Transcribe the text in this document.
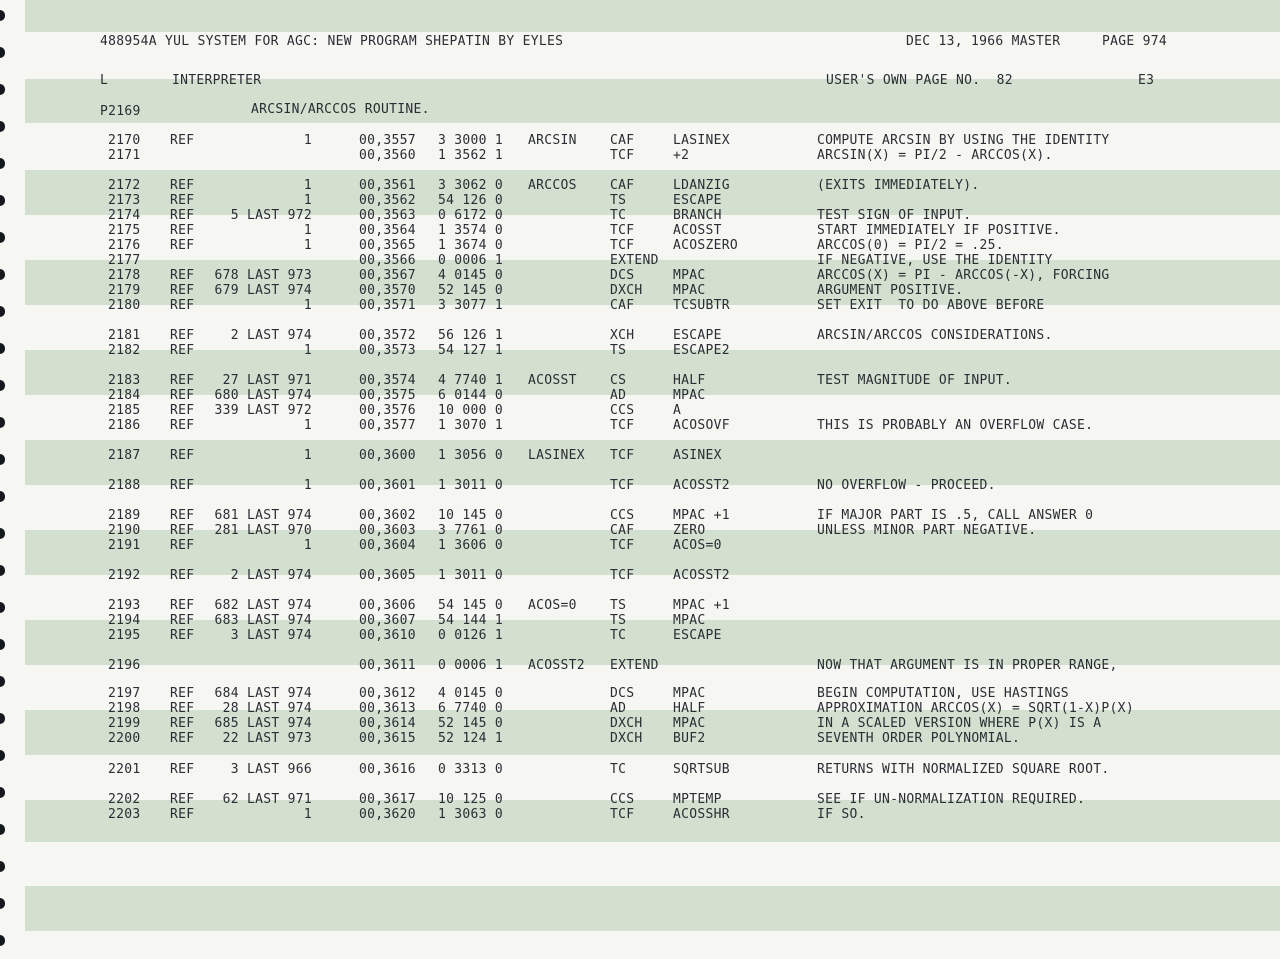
488954A YUL SYSTEM FOR AGC: NEW PROGRAM SHEPATIN BY EYLES	DEC 13, 1966 MASTER	PAGE 974
L	INTERPRETER	USER'S OWN PAGE NO.  82	E3
P2169	ARCSIN/ARCCOS ROUTINE.
2170 REF	1	00,3557 3 3000 1 ARCSIN	CAF	LASINEX	COMPUTE ARCSIN BY USING THE IDENTITY
2171	00,3560 1 3562 1	TCF	+2	ARCSIN(X) = PI/2 - ARCCOS(X).
2172 REF	1	00,3561 3 3062 0 ARCCOS	CAF	LDANZIG	(EXITS IMMEDIATELY).
2173 REF	1	00,3562 54 126 0	TS	ESCAPE
2174 REF	5 LAST 972	00,3563 0 6172 0	TC	BRANCH	TEST SIGN OF INPUT.
2175 REF	1	00,3564 1 3574 0	TCF	ACOSST	START IMMEDIATELY IF POSITIVE.
2176 REF	1	00,3565 1 3674 0	TCF	ACOSZERO	ARCCOS(0) = PI/2 = .25.
2177	00,3566 0 0006 1	EXTEND	IF NEGATIVE, USE THE IDENTITY
2178 REF	678 LAST 973	00,3567 4 0145 0	DCS	MPAC	ARCCOS(X) = PI - ARCCOS(-X), FORCING
2179 REF	679 LAST 974	00,3570 52 145 0	DXCH MPAC	ARGUMENT POSITIVE.
2180 REF	1	00,3571 3 3077 1	CAF	TCSUBTR	SET EXIT  TO DO ABOVE BEFORE
2181 REF	2 LAST 974	00,3572 56 126 1	XCH	ESCAPE	ARCSIN/ARCCOS CONSIDERATIONS.
2182 REF	1	00,3573 54 127 1	TS	ESCAPE2
2183 REF	27 LAST 971	00,3574 4 7740 1 ACOSST	CS	HALF	TEST MAGNITUDE OF INPUT.
2184 REF	680 LAST 974	00,3575 6 0144 0	AD	MPAC
2185 REF	339 LAST 972	00,3576 10 000 0	CCS	A
2186 REF	1	00,3577 1 3070 1	TCF	ACOSOVF	THIS IS PROBABLY AN OVERFLOW CASE.
2187 REF	1	00,3600 1 3056 0 LASINEX TCF	ASINEX
2188 REF	1	00,3601 1 3011 0	TCF	ACOSST2	NO OVERFLOW - PROCEED.
2189 REF	681 LAST 974	00,3602 10 145 0	CCS	MPAC +1	IF MAJOR PART IS .5, CALL ANSWER 0
2190 REF	281 LAST 970	00,3603 3 7761 0	CAF	ZERO	UNLESS MINOR PART NEGATIVE.
2191 REF	1	00,3604 1 3606 0	TCF	ACOS=0
2192 REF	2 LAST 974	00,3605 1 3011 0	TCF	ACOSST2
2193 REF	682 LAST 974	00,3606 54 145 0 ACOS=0	TS	MPAC +1
2194 REF	683 LAST 974	00,3607 54 144 1	TS	MPAC
2195 REF	3 LAST 974	00,3610 0 0126 1	TC	ESCAPE
2196	00,3611 0 0006 1 ACOSST2 EXTEND	NOW THAT ARGUMENT IS IN PROPER RANGE,
2197 REF	684 LAST 974	00,3612 4 0145 0	DCS	MPAC	BEGIN COMPUTATION, USE HASTINGS
2198 REF	28 LAST 974	00,3613 6 7740 0	AD	HALF	APPROXIMATION ARCCOS(X) = SQRT(1-X)P(X)
2199 REF	685 LAST 974	00,3614 52 145 0	DXCH MPAC	IN A SCALED VERSION WHERE P(X) IS A
2200 REF	22 LAST 973	00,3615 52 124 1	DXCH BUF2	SEVENTH ORDER POLYNOMIAL.
2201 REF	3 LAST 966	00,3616 0 3313 0	TC	SQRTSUB	RETURNS WITH NORMALIZED SQUARE ROOT.
2202 REF	62 LAST 971	00,3617 10 125 0	CCS	MPTEMP	SEE IF UN-NORMALIZATION REQUIRED.
2203 REF	1	00,3620 1 3063 0	TCF	ACOSSHR	IF SO.
